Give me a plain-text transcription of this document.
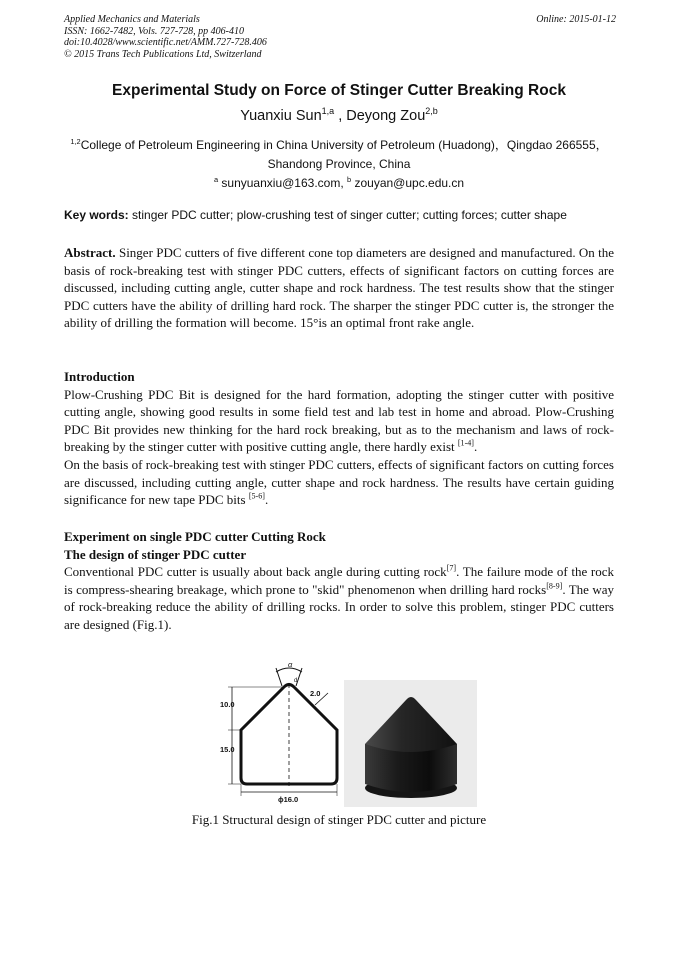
Applied Mechanics and Materials
ISSN: 1662-7482, Vols. 727-728, pp 406-410
doi:10.4028/www.scientific.net/AMM.727-728.406
© 2015 Trans Tech Publications Ltd, Switzerland
Online: 2015-01-12
Experimental Study on Force of Stinger Cutter Breaking Rock
Yuanxiu Sun$^{1,a}$ , Deyong Zou$^{2,b}$
$^{1,2}$College of Petroleum Engineering in China University of Petroleum (Huadong)，Qingdao 266555，
Shandong Province, China
$^a$ sunyuanxiu@163.com, $^b$ zouyan@upc.edu.cn
Key words: stinger PDC cutter; plow-crushing test of singer cutter; cutting forces; cutter shape
Abstract. Singer PDC cutters of five different cone top diameters are designed and manufactured. On the basis of rock-breaking test with stinger PDC cutters, effects of significant factors on cutting forces are discussed, including cutting angle, cutter shape and rock hardness. The test results show that the stinger PDC cutters have the ability of drilling hard rock. The sharper the stinger PDC cutter is, the stronger the ability of drilling the formation will become. 15°is an optimal front rake angle.
Introduction
Plow-Crushing PDC Bit is designed for the hard formation, adopting the stinger cutter with positive cutting angle, showing good results in some field test and lab test in home and abroad. Plow-Crushing PDC Bit provides new thinking for the hard rock breaking, but as to the mechanism and laws of rock-breaking by the stinger cutter with positive cutting angle, there hardly exist [1-4].
On the basis of rock-breaking test with stinger PDC cutters, effects of significant factors on cutting forces are discussed, including cutting angle, cutter shape and rock hardness. The results have certain guiding significance for new tape PDC bits [5-6].
Experiment on single PDC cutter Cutting Rock
The design of stinger PDC cutter
Conventional PDC cutter is usually about back angle during cutting rock[7]. The failure mode of the rock is compress-shearing breakage, which prone to "skid" phenomenon when drilling hard rocks[8-9]. The way of rock-breaking reduce the ability of drilling rocks. In order to solve this problem, stinger PDC cutters are designed (Fig.1).
α
d
2.0
10.0
15.0
ϕ16.0
Fig.1 Structural design of stinger PDC cutter and picture
